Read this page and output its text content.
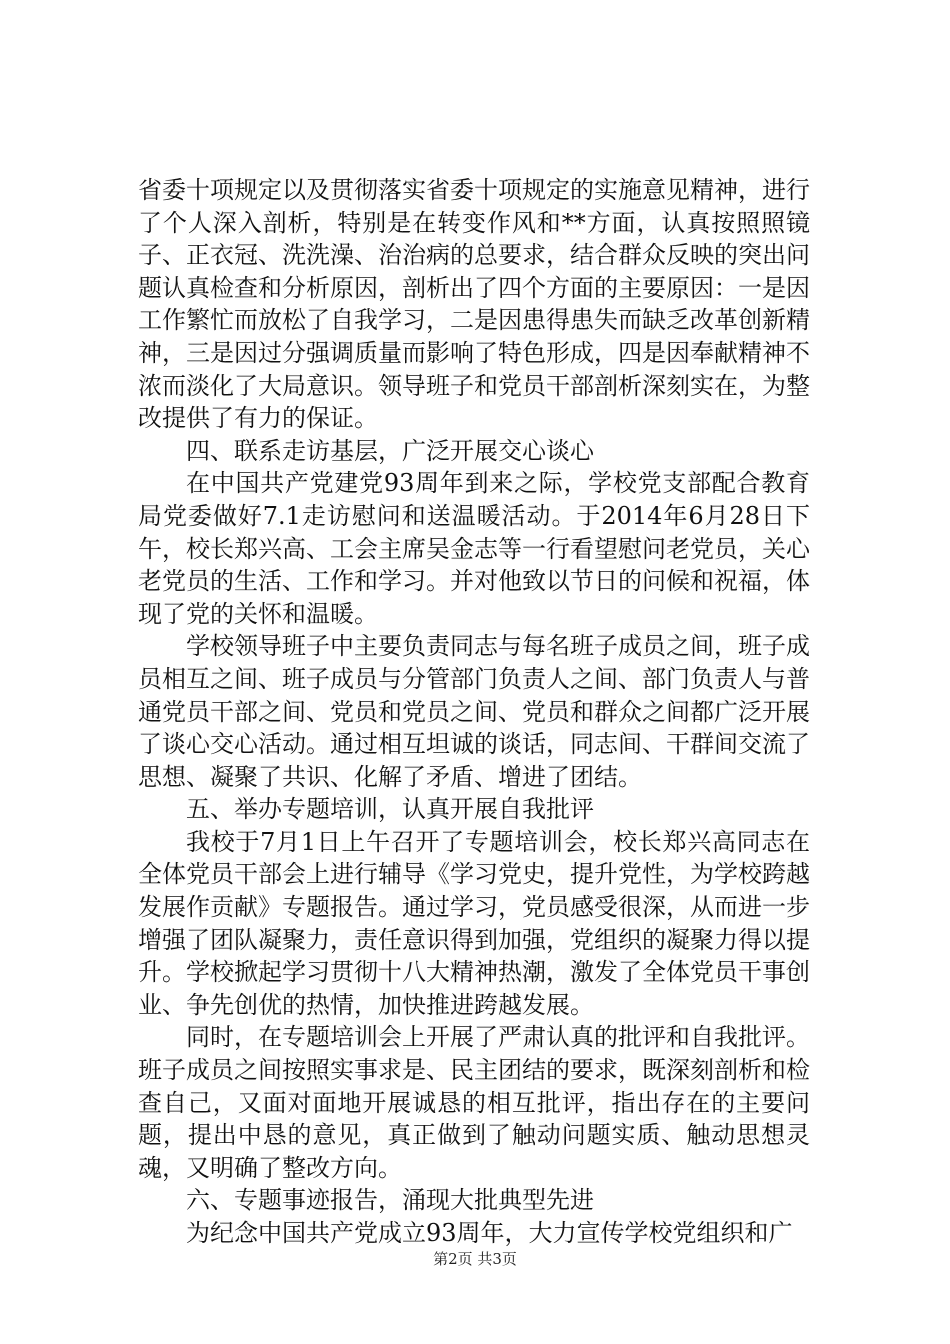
省委十项规定以及贯彻落实省委十项规定的实施意见精神，进行了个人深入剖析，特别是在转变作风和**方面，认真按照照镜子、正衣冠、洗洗澡、治治病的总要求，结合群众反映的突出问题认真检查和分析原因，剖析出了四个方面的主要原因：一是因工作繁忙而放松了自我学习，二是因患得患失而缺乏改革创新精神，三是因过分强调质量而影响了特色形成，四是因奉献精神不浓而淡化了大局意识。领导班子和党员干部剖析深刻实在，为整改提供了有力的保证。

四、联系走访基层，广泛开展交心谈心

在中国共产党建党93周年到来之际，学校党支部配合教育局党委做好7.1走访慰问和送温暖活动。于2014年6月28日下午，校长郑兴高、工会主席吴金志等一行看望慰问老党员，关心老党员的生活、工作和学习。并对他致以节日的问候和祝福，体现了党的关怀和温暖。

学校领导班子中主要负责同志与每名班子成员之间，班子成员相互之间、班子成员与分管部门负责人之间、部门负责人与普通党员干部之间、党员和党员之间、党员和群众之间都广泛开展了谈心交心活动。通过相互坦诚的谈话，同志间、干群间交流了思想、凝聚了共识、化解了矛盾、增进了团结。

五、举办专题培训，认真开展自我批评

我校于7月1日上午召开了专题培训会，校长郑兴高同志在全体党员干部会上进行辅导《学习党史，提升党性，为学校跨越发展作贡献》专题报告。通过学习，党员感受很深，从而进一步增强了团队凝聚力，责任意识得到加强，党组织的凝聚力得以提升。学校掀起学习贯彻十八大精神热潮，激发了全体党员干事创业、争先创优的热情，加快推进跨越发展。

同时，在专题培训会上开展了严肃认真的批评和自我批评。班子成员之间按照实事求是、民主团结的要求，既深刻剖析和检查自己，又面对面地开展诚恳的相互批评，指出存在的主要问题，提出中恳的意见，真正做到了触动问题实质、触动思想灵魂，又明确了整改方向。

六、专题事迹报告，涌现大批典型先进

为纪念中国共产党成立93周年，大力宣传学校党组织和广

第2页 共3页
